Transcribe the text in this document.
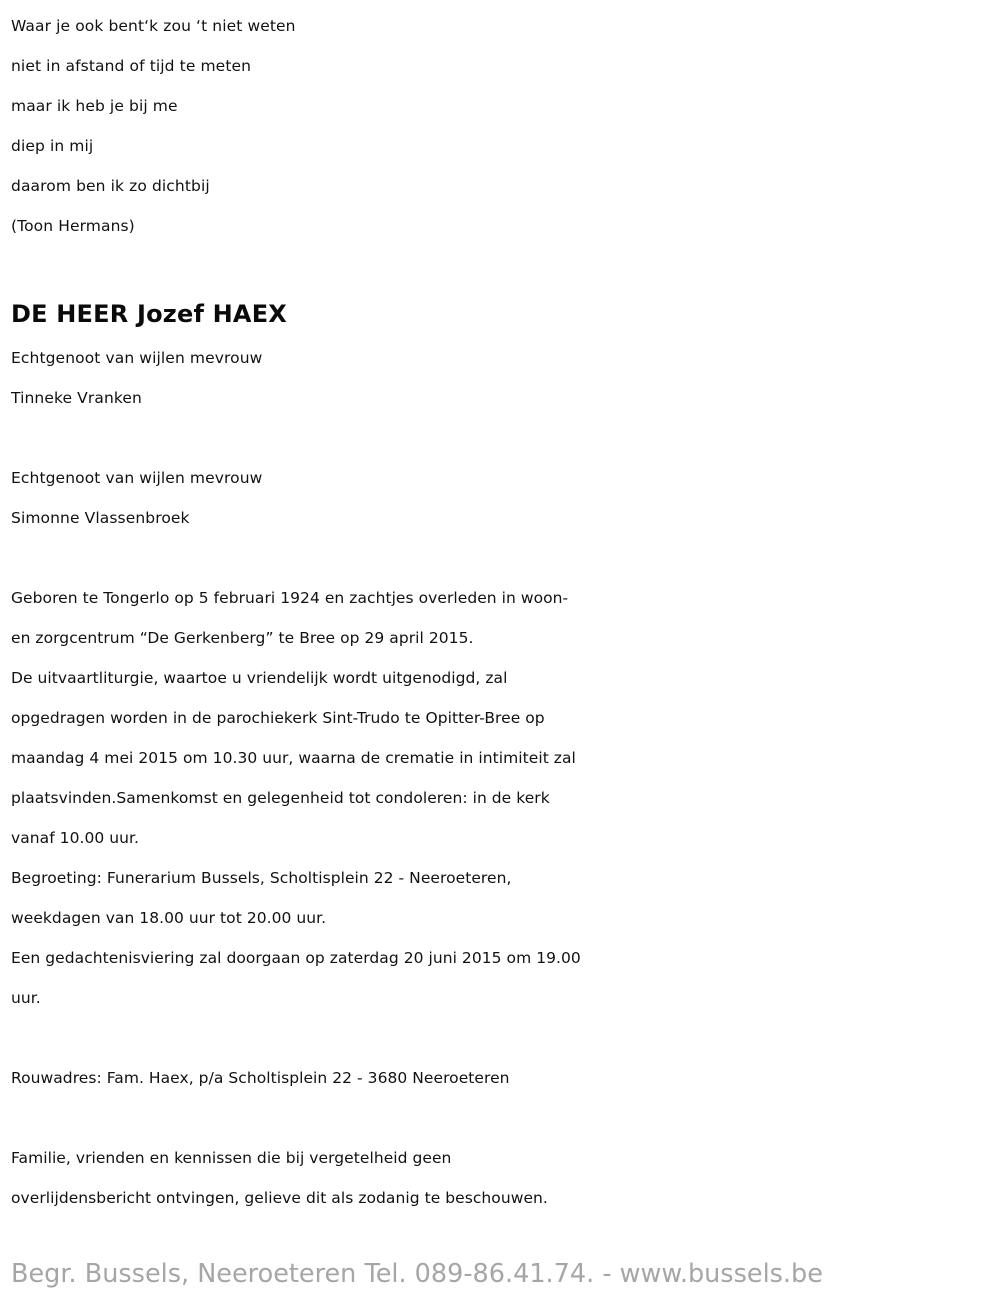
Waar je ook bent‘k zou ‘t niet weten
niet in afstand of tijd te meten
maar ik heb je bij me
diep in mij
daarom ben ik zo dichtbij
(Toon Hermans)
DE HEER Jozef HAEX
Echtgenoot van wijlen mevrouw
Tinneke Vranken
Echtgenoot van wijlen mevrouw
Simonne Vlassenbroek
Geboren te Tongerlo op 5 februari 1924 en zachtjes overleden in woon-
en zorgcentrum “De Gerkenberg” te Bree op 29 april 2015.
De uitvaartliturgie, waartoe u vriendelijk wordt uitgenodigd, zal
opgedragen worden in de parochiekerk Sint-Trudo te Opitter-Bree op
maandag 4 mei 2015 om 10.30 uur, waarna de crematie in intimiteit zal
plaatsvinden.Samenkomst en gelegenheid tot condoleren: in de kerk
vanaf 10.00 uur.
Begroeting: Funerarium Bussels, Scholtisplein 22 - Neeroeteren,
weekdagen van 18.00 uur tot 20.00 uur.
Een gedachtenisviering zal doorgaan op zaterdag 20 juni 2015 om 19.00
uur.
Rouwadres: Fam. Haex, p/a Scholtisplein 22 - 3680 Neeroeteren
Familie, vrienden en kennissen die bij vergetelheid geen
overlijdensbericht ontvingen, gelieve dit als zodanig te beschouwen.
Begr. Bussels, Neeroeteren Tel. 089-86.41.74. - www.bussels.be
